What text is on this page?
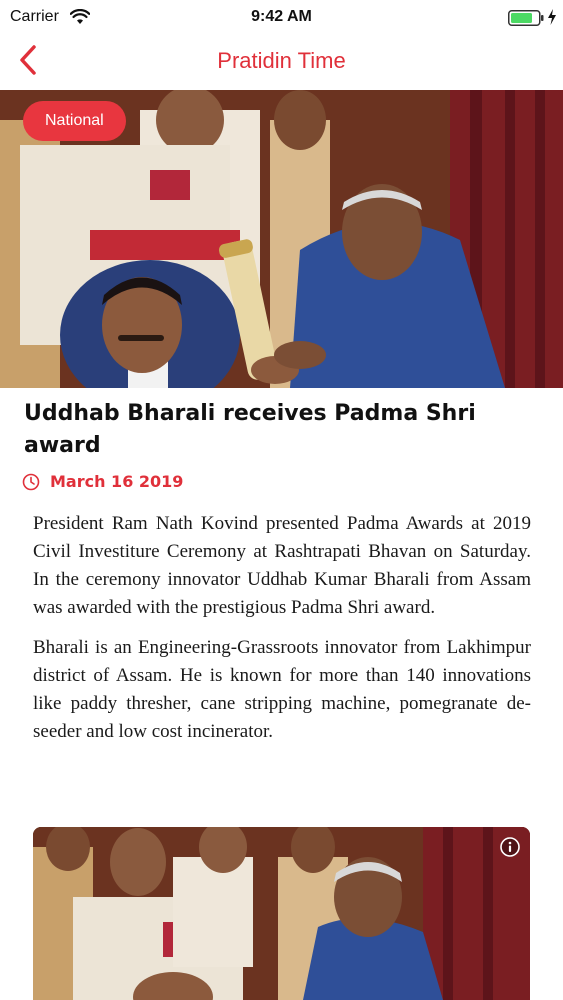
Carrier	9:42 AM
Pratidin Time
National
Uddhab Bharali receives Padma Shri award
March 16 2019

President Ram Nath Kovind presented Padma Awards at 2019 Civil Investiture Ceremony at Rashtrapati Bhavan on Saturday. In the ceremony innovator Uddhab Kumar Bharali from Assam was awarded with the prestigious Padma Shri award.

Bharali is an Engineering-Grassroots innovator from Lakhimpur district of Assam. He is known for more than 140 innovations like paddy thresher, cane stripping machine, pomegranate de-seeder and low cost incinerator.
